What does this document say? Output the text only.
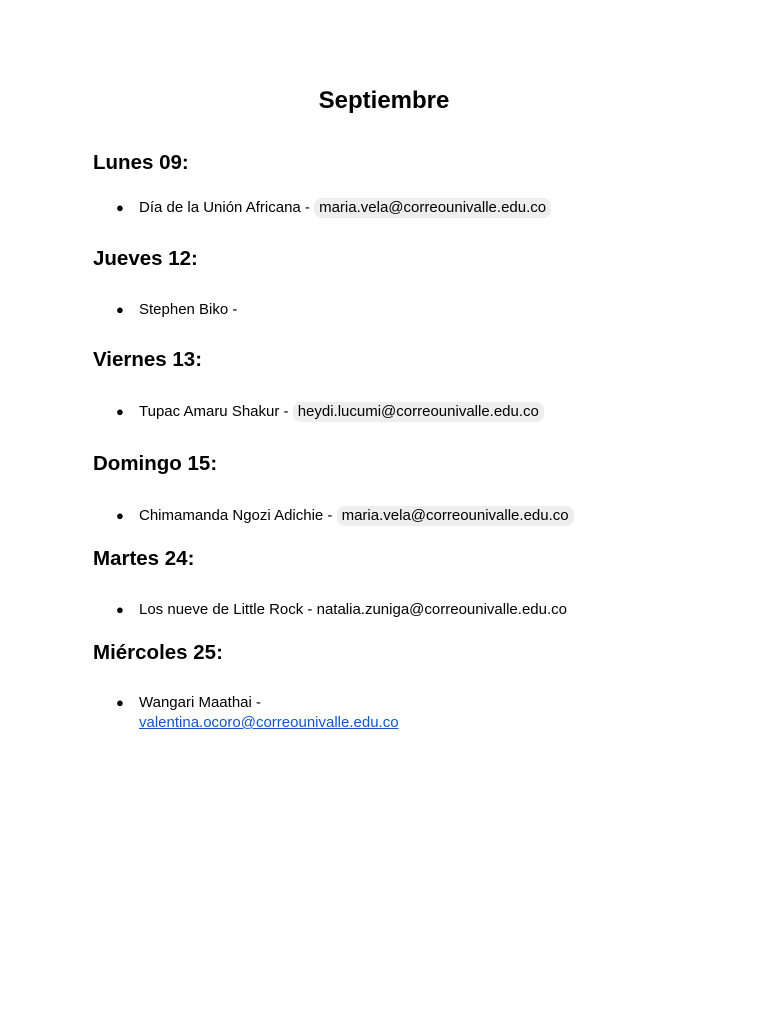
Septiembre
Lunes 09:
●	Día de la Unión Africana - maria.vela@correounivalle.edu.co
Jueves 12:
●	Stephen Biko -
Viernes 13:
●	Tupac Amaru Shakur - heydi.lucumi@correounivalle.edu.co
Domingo 15:
●	Chimamanda Ngozi Adichie - maria.vela@correounivalle.edu.co
Martes 24:
●	Los nueve de Little Rock - natalia.zuniga@correounivalle.edu.co
Miércoles 25:
●	Wangari Maathai -
valentina.ocoro@correounivalle.edu.co
